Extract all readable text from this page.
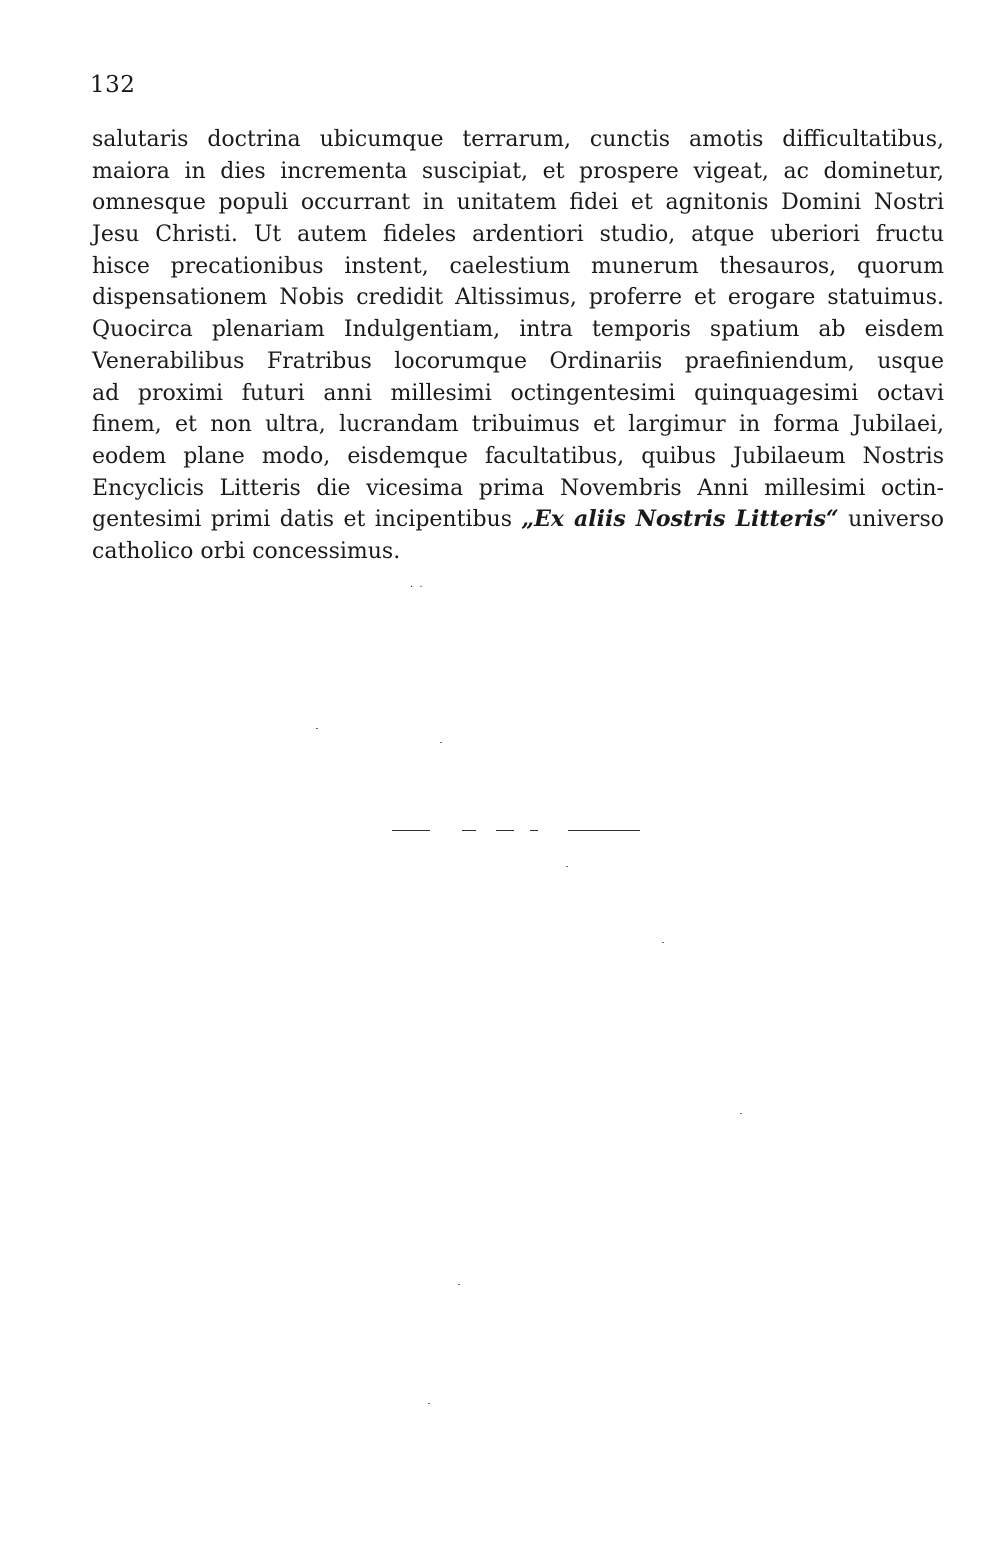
132
salutaris doctrina ubicumque terrarum, cunctis amotis difficultatibus,
maiora in dies incrementa suscipiat, et prospere vigeat, ac dominetur,
omnesque populi occurrant in unitatem fidei et agnitonis Domini Nostri
Jesu Christi. Ut autem fideles ardentiori studio, atque uberiori fructu
hisce precationibus instent, caelestium munerum thesauros, quorum
dispensationem Nobis credidit Altissimus, proferre et erogare statuimus.
Quocirca plenariam Indulgentiam, intra temporis spatium ab eisdem
Venerabilibus Fratribus locorumque Ordinariis praefiniendum, usque
ad proximi futuri anni millesimi octingentesimi quinquagesimi octavi
finem, et non ultra, lucrandam tribuimus et largimur in forma Jubilaei,
eodem plane modo, eisdemque facultatibus, quibus Jubilaeum Nostris
Encyclicis Litteris die vicesima prima Novembris Anni millesimi octin-
gentesimi primi datis et incipentibus „Ex aliis Nostris Litteris“ universo
catholico orbi concessimus.
·  ·
